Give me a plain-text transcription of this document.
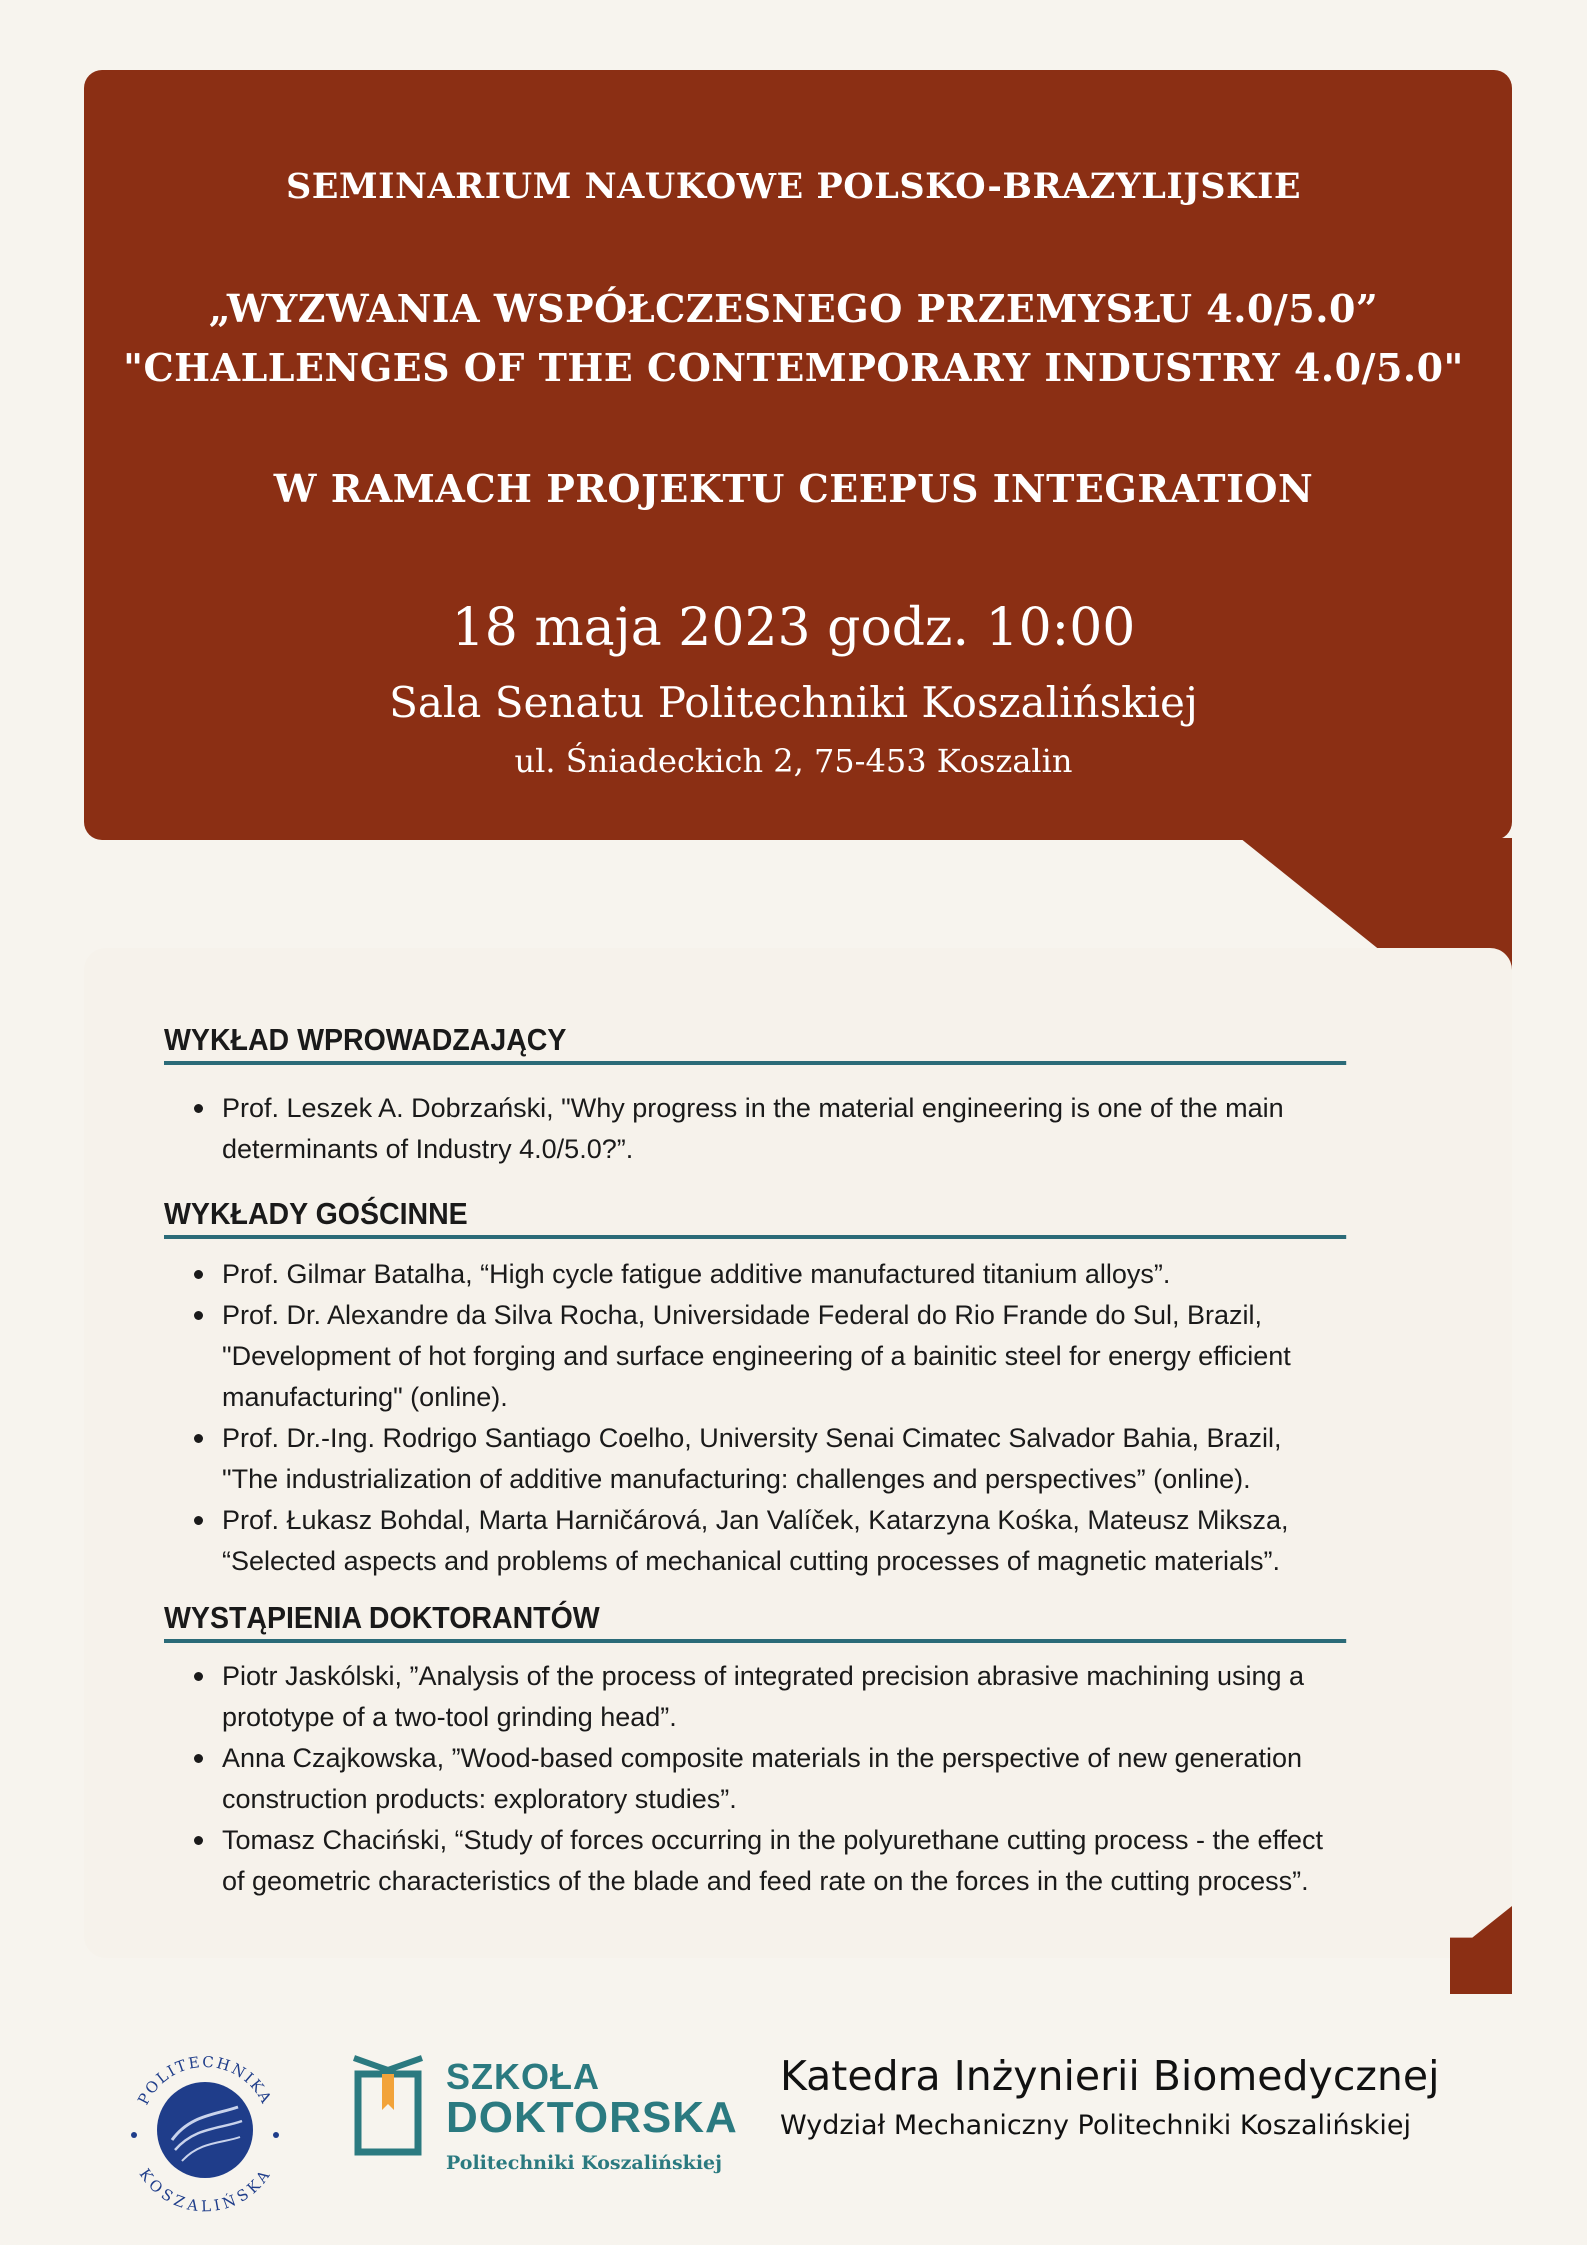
SEMINARIUM NAUKOWE POLSKO-BRAZYLIJSKIE
„WYZWANIA WSPÓŁCZESNEGO PRZEMYSŁU 4.0/5.0”
"CHALLENGES OF THE CONTEMPORARY INDUSTRY 4.0/5.0"
W RAMACH PROJEKTU CEEPUS INTEGRATION
18 maja 2023 godz. 10:00
Sala Senatu Politechniki Koszalińskiej
ul. Śniadeckich 2, 75-453 Koszalin
WYKŁAD WPROWADZAJĄCY
Prof. Leszek A. Dobrzański, "Why progress in the material engineering is one of the main
determinants of Industry 4.0/5.0?”.
WYKŁADY GOŚCINNE
Prof. Gilmar Batalha, “High cycle fatigue additive manufactured titanium alloys”.
Prof. Dr. Alexandre da Silva Rocha, Universidade Federal do Rio Frande do Sul, Brazil,
"Development of hot forging and surface engineering of a bainitic steel for energy efficient
manufacturing" (online).
Prof. Dr.-Ing. Rodrigo Santiago Coelho, University Senai Cimatec Salvador Bahia, Brazil,
"The industrialization of additive manufacturing: challenges and perspectives” (online).
Prof. Łukasz Bohdal, Marta Harničárová, Jan Valíček, Katarzyna Kośka, Mateusz Miksza,
“Selected aspects and problems of mechanical cutting processes of magnetic materials”.
WYSTĄPIENIA DOKTORANTÓW
Piotr Jaskólski, ”Analysis of the process of integrated precision abrasive machining using a
prototype of a two-tool grinding head”.
Anna Czajkowska, ”Wood-based composite materials in the perspective of new generation
construction products: exploratory studies”.
Tomasz Chaciński, “Study of forces occurring in the polyurethane cutting process - the effect
of geometric characteristics of the blade and feed rate on the forces in the cutting process”.
POLITECHNIKA
KOSZALIŃSKA
SZKOŁA
DOKTORSKA
Politechniki Koszalińskiej
Katedra Inżynierii Biomedycznej
Wydział Mechaniczny Politechniki Koszalińskiej
